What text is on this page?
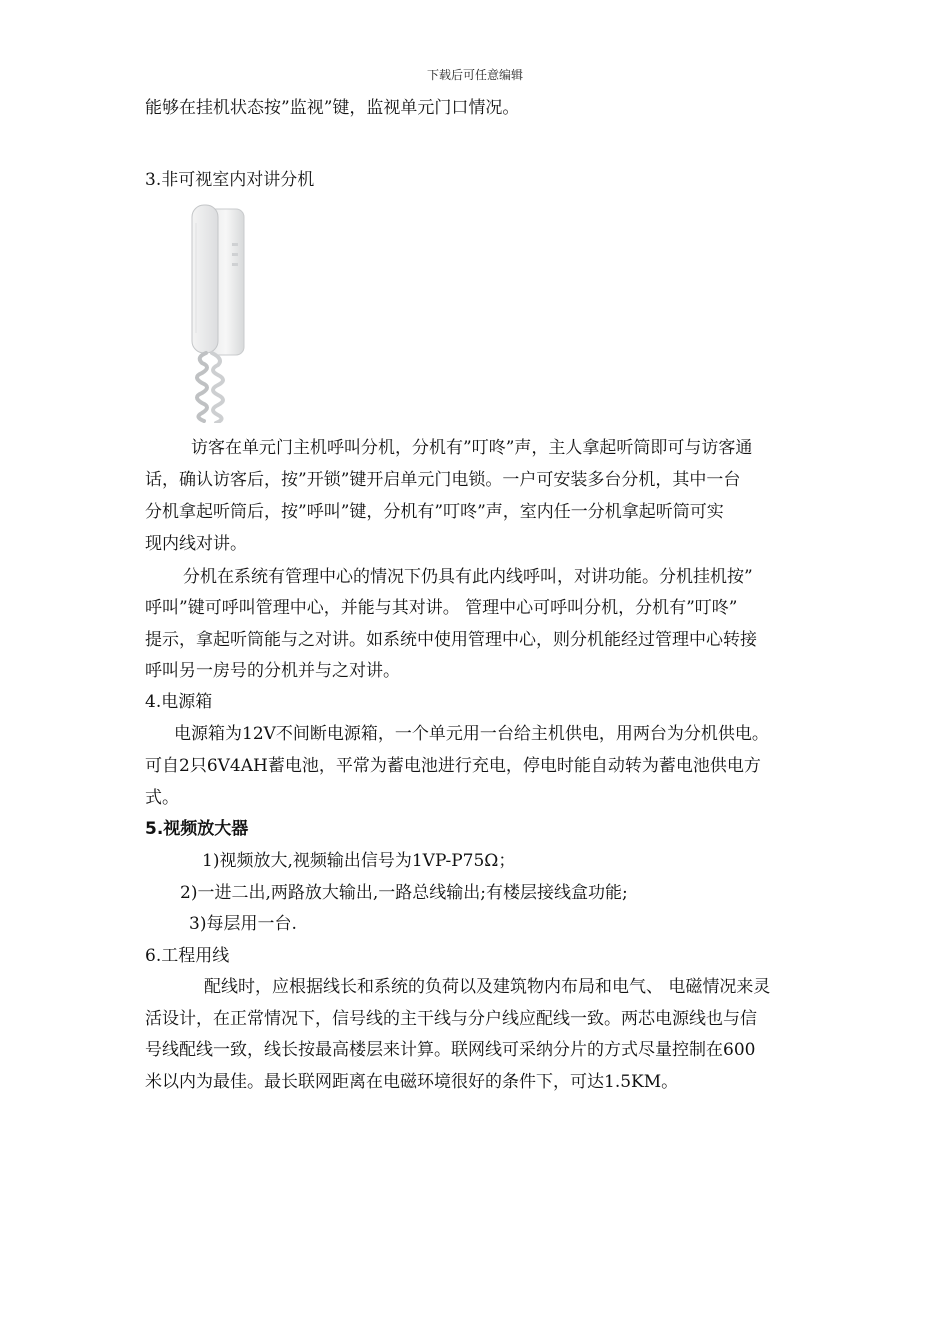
下载后可任意编辑
能够在挂机状态按”监视”键，监视单元门口情况。
3.非可视室内对讲分机
访客在单元门主机呼叫分机，分机有”叮咚”声，主人拿起听筒即可与访客通
话，确认访客后，按”开锁”键开启单元门电锁。一户可安装多台分机，其中一台
分机拿起听筒后，按”呼叫”键，分机有”叮咚”声，室内任一分机拿起听筒可实
现内线对讲。
分机在系统有管理中心的情况下仍具有此内线呼叫，对讲功能。分机挂机按”
呼叫”键可呼叫管理中心，并能与其对讲。 管理中心可呼叫分机，分机有”叮咚”
提示，拿起听筒能与之对讲。如系统中使用管理中心，则分机能经过管理中心转接
呼叫另一房号的分机并与之对讲。
4.电源箱
电源箱为12V不间断电源箱，一个单元用一台给主机供电，用两台为分机供电。
可自2只6V4AH蓄电池，平常为蓄电池进行充电，停电时能自动转为蓄电池供电方
式。
5.视频放大器
1)视频放大,视频输出信号为1VP-P75Ω；
2)一进二出,两路放大输出,一路总线输出;有楼层接线盒功能;
3)每层用一台.
6.工程用线
配线时，应根据线长和系统的负荷以及建筑物内布局和电气、 电磁情况来灵
活设计，在正常情况下，信号线的主干线与分户线应配线一致。两芯电源线也与信
号线配线一致，线长按最高楼层来计算。联网线可采纳分片的方式尽量控制在600
米以内为最佳。最长联网距离在电磁环境很好的条件下，可达1.5KM。
